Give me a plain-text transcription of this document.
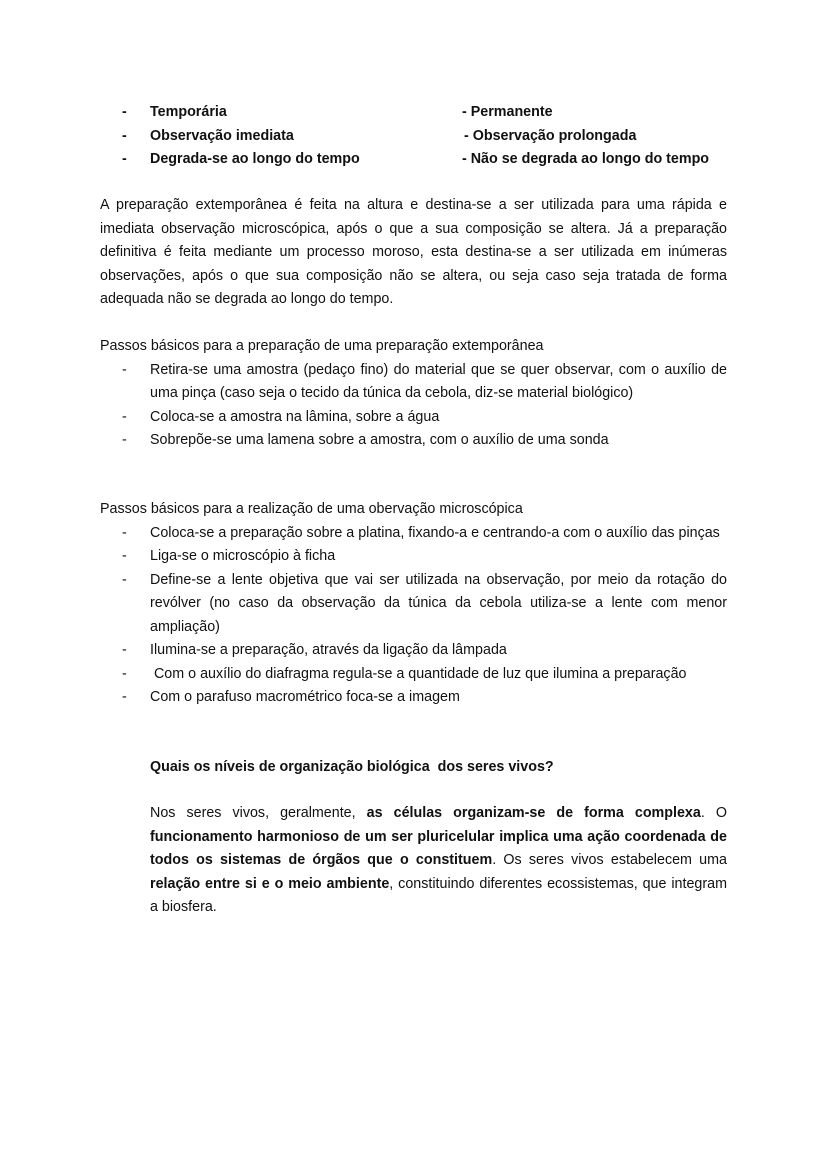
- Temporária	- Permanente
- Observação imediata	- Observação prolongada
- Degrada-se ao longo do tempo	- Não se degrada ao longo do tempo

A preparação extemporânea é feita na altura e destina-se a ser utilizada para uma rápida e imediata observação microscópica, após o que a sua composição se altera. Já a preparação definitiva é feita mediante um processo moroso, esta destina-se a ser utilizada em inúmeras observações, após o que sua composição não se altera, ou seja caso seja tratada de forma adequada não se degrada ao longo do tempo.

Passos básicos para a preparação de uma preparação extemporânea

- Retira-se uma amostra (pedaço fino) do material que se quer observar, com o auxílio de uma pinça (caso seja o tecido da túnica da cebola, diz-se material biológico)
- Coloca-se a amostra na lâmina, sobre a água
- Sobrepõe-se uma lamena sobre a amostra, com o auxílio de uma sonda

Passos básicos para a realização de uma obervação microscópica

- Coloca-se a preparação sobre a platina, fixando-a e centrando-a com o auxílio das pinças
- Liga-se o microscópio à ficha
- Define-se a lente objetiva que vai ser utilizada na observação, por meio da rotação do revólver (no caso da observação da túnica da cebola utiliza-se a lente com menor ampliação)
- Ilumina-se a preparação, através da ligação da lâmpada
- Com o auxílio do diafragma regula-se a quantidade de luz que ilumina a preparação
- Com o parafuso macrométrico foca-se a imagem

Quais os níveis de organização biológica  dos seres vivos?

Nos seres vivos, geralmente, as células organizam-se de forma complexa. O funcionamento harmonioso de um ser pluricelular implica uma ação coordenada de todos os sistemas de órgãos que o constituem. Os seres vivos estabelecem uma relação entre si e o meio ambiente, constituindo diferentes ecossistemas, que integram a biosfera.
